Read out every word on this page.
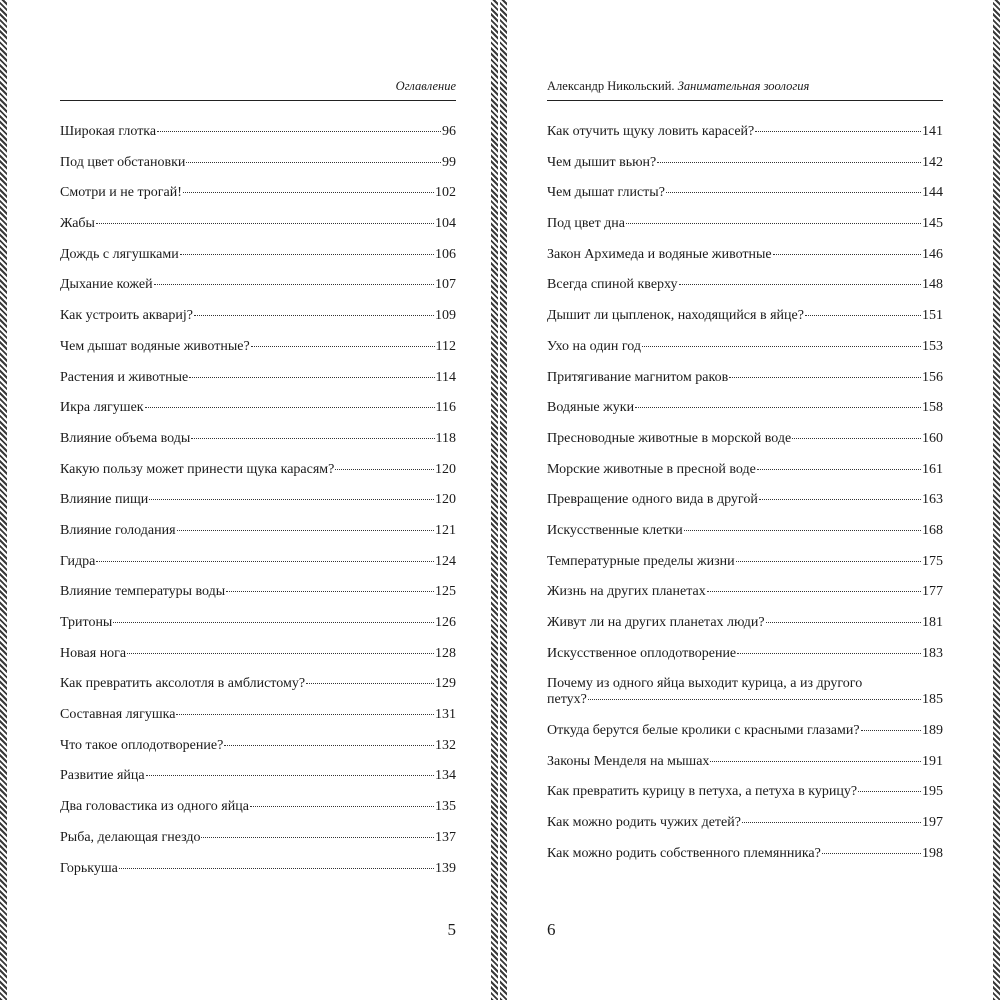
Оглавление
Широкая глотка	96
Под цвет обстановки	99
Смотри и не трогай!	102
Жабы	104
Дождь с лягушками	106
Дыхание кожей	107
Как устроить аквариј?	109
Чем дышат водяные животные?	112
Растения и животные	114
Икра лягушек	116
Влияние объема воды	118
Какую пользу может принести щука карасям?	120
Влияние пищи	120
Влияние голодания	121
Гидра	124
Влияние температуры воды	125
Тритоны	126
Новая нога	128
Как превратить аксолотля в амблистому?	129
Составная лягушка	131
Что такое оплодотворение?	132
Развитие яйца	134
Два головастика из одного яйца	135
Рыба, делающая гнездо	137
Горькуша	139
5
Александр Никольский. Занимательная зоология
Как отучить щуку ловить карасей?	141
Чем дышит вьюн?	142
Чем дышат глисты?	144
Под цвет дна	145
Закон Архимеда и водяные животные	146
Всегда спиной кверху	148
Дышит ли цыпленок, находящийся в яйце?	151
Ухо на один год	153
Притягивание магнитом раков	156
Водяные жуки	158
Пресноводные животные в морской воде	160
Морские животные в пресной воде	161
Превращение одного вида в другой	163
Искусственные клетки	168
Температурные пределы жизни	175
Жизнь на других планетах	177
Живут ли на других планетах люди?	181
Искусственное оплодотворение	183
Почему из одного яйца выходит курица, а из другого
петух?	185
Откуда берутся белые кролики с красными глазами?	189
Законы Менделя на мышах	191
Как превратить курицу в петуха, а петуха в курицу?	195
Как можно родить чужих детей?	197
Как можно родить собственного племянника?	198
6
